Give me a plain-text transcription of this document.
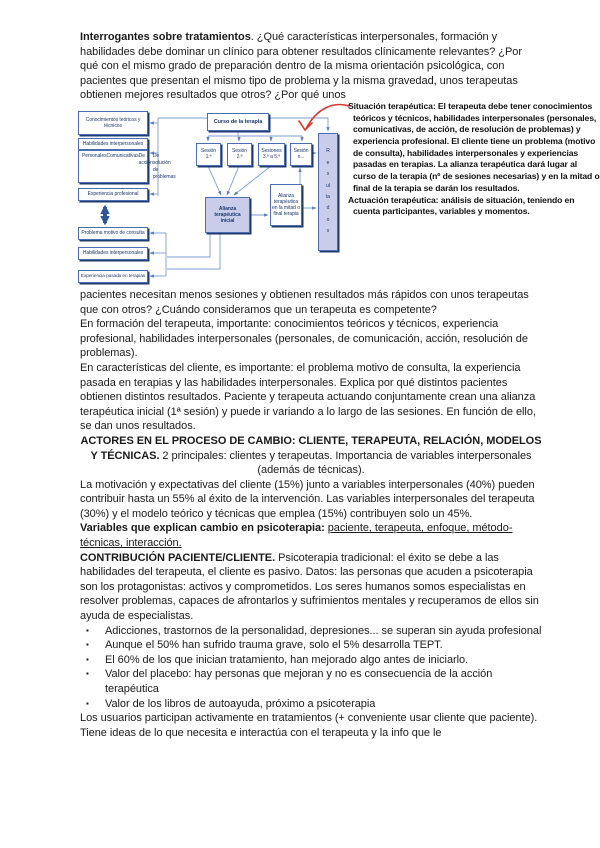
Interrogantes sobre tratamientos. ¿Qué características interpersonales, formación y habilidades debe dominar un clínico para obtener resultados clínicamente relevantes? ¿Por qué con el mismo grado de preparación dentro de la misma orientación psicológica, con pacientes que presentan el mismo tipo de problema y la misma gravedad, unos terapeutas obtienen mejores resultados que otros? ¿Por qué unos

Conocimientos teóricos y técnicos
Habilidades interpersonales
Personales Comunicativas De acción
De solución de problemas
Experiencia profesional
Problema motivo de consulta
Habilidades interpersonales
Experiencia pasada en terapias
Curso de la terapia
Sesión 1.ª
Sesión 2.ª
Sesiones 3.ª a 5.ª
Sesión n...
Alianza terapéutica inicial
Alianza terapéutica en la mitad o final terapia
Resultados

Situación terapéutica: El terapeuta debe tener conocimientos teóricos y técnicos, habilidades interpersonales (personales, comunicativas, de acción, de resolución de problemas) y experiencia profesional. El cliente tiene un problema (motivo de consulta), habilidades interpersonales y experiencias pasadas en terapias. La alianza terapéutica dará lugar al curso de la terapia (nº de sesiones necesarias) y en la mitad o final de la terapia se darán los resultados.

Actuación terapéutica: análisis de situación, teniendo en cuenta participantes, variables y momentos.

pacientes necesitan menos sesiones y obtienen resultados más rápidos con unos terapeutas que con otros? ¿Cuándo consideramos que un terapeuta es competente?

En formación del terapeuta, importante: conocimientos teóricos y técnicos, experiencia profesional, habilidades interpersonales (personales, de comunicación, acción, resolución de problemas).

En características del cliente, es importante: el problema motivo de consulta, la experiencia pasada en terapias y las habilidades interpersonales. Explica por qué distintos pacientes obtienen distintos resultados. Paciente y terapeuta actuando conjuntamente crean una alianza terapéutica inicial (1ª sesión) y puede ir variando a lo largo de las sesiones. En función de ello, se dan unos resultados.

ACTORES EN EL PROCESO DE CAMBIO: CLIENTE, TERAPEUTA, RELACIÓN, MODELOS Y TÉCNICAS. 2 principales: clientes y terapeutas. Importancia de variables interpersonales (además de técnicas).

La motivación y expectativas del cliente (15%) junto a variables interpersonales (40%) pueden contribuir hasta un 55% al éxito de la intervención. Las variables interpersonales del terapeuta (30%) y el modelo teórico y técnicas que emplea (15%) contribuyen solo un 45%.

Variables que explican cambio en psicoterapia: paciente, terapeuta, enfoque, método-técnicas, interacción.

CONTRIBUCIÓN PACIENTE/CLIENTE. Psicoterapia tradicional: el éxito se debe a las habilidades del terapeuta, el cliente es pasivo. Datos: las personas que acuden a psicoterapia son los protagonistas: activos y comprometidos. Los seres humanos somos especialistas en resolver problemas, capaces de afrontarlos y sufrimientos mentales y recuperamos de ellos sin ayuda de especialistas.

▪	Adicciones, trastornos de la personalidad, depresiones... se superan sin ayuda profesional
▪	Aunque el 50% han sufrido trauma grave, solo el 5% desarrolla TEPT.
▪	El 60% de los que inician tratamiento, han mejorado algo antes de iniciarlo.
▪	Valor del placebo: hay personas que mejoran y no es consecuencia de la acción terapéutica
▪	Valor de los libros de autoayuda, próximo a psicoterapia

Los usuarios participan activamente en tratamientos (+ conveniente usar cliente que paciente). Tiene ideas de lo que necesita e interactúa con el terapeuta y la info que le
